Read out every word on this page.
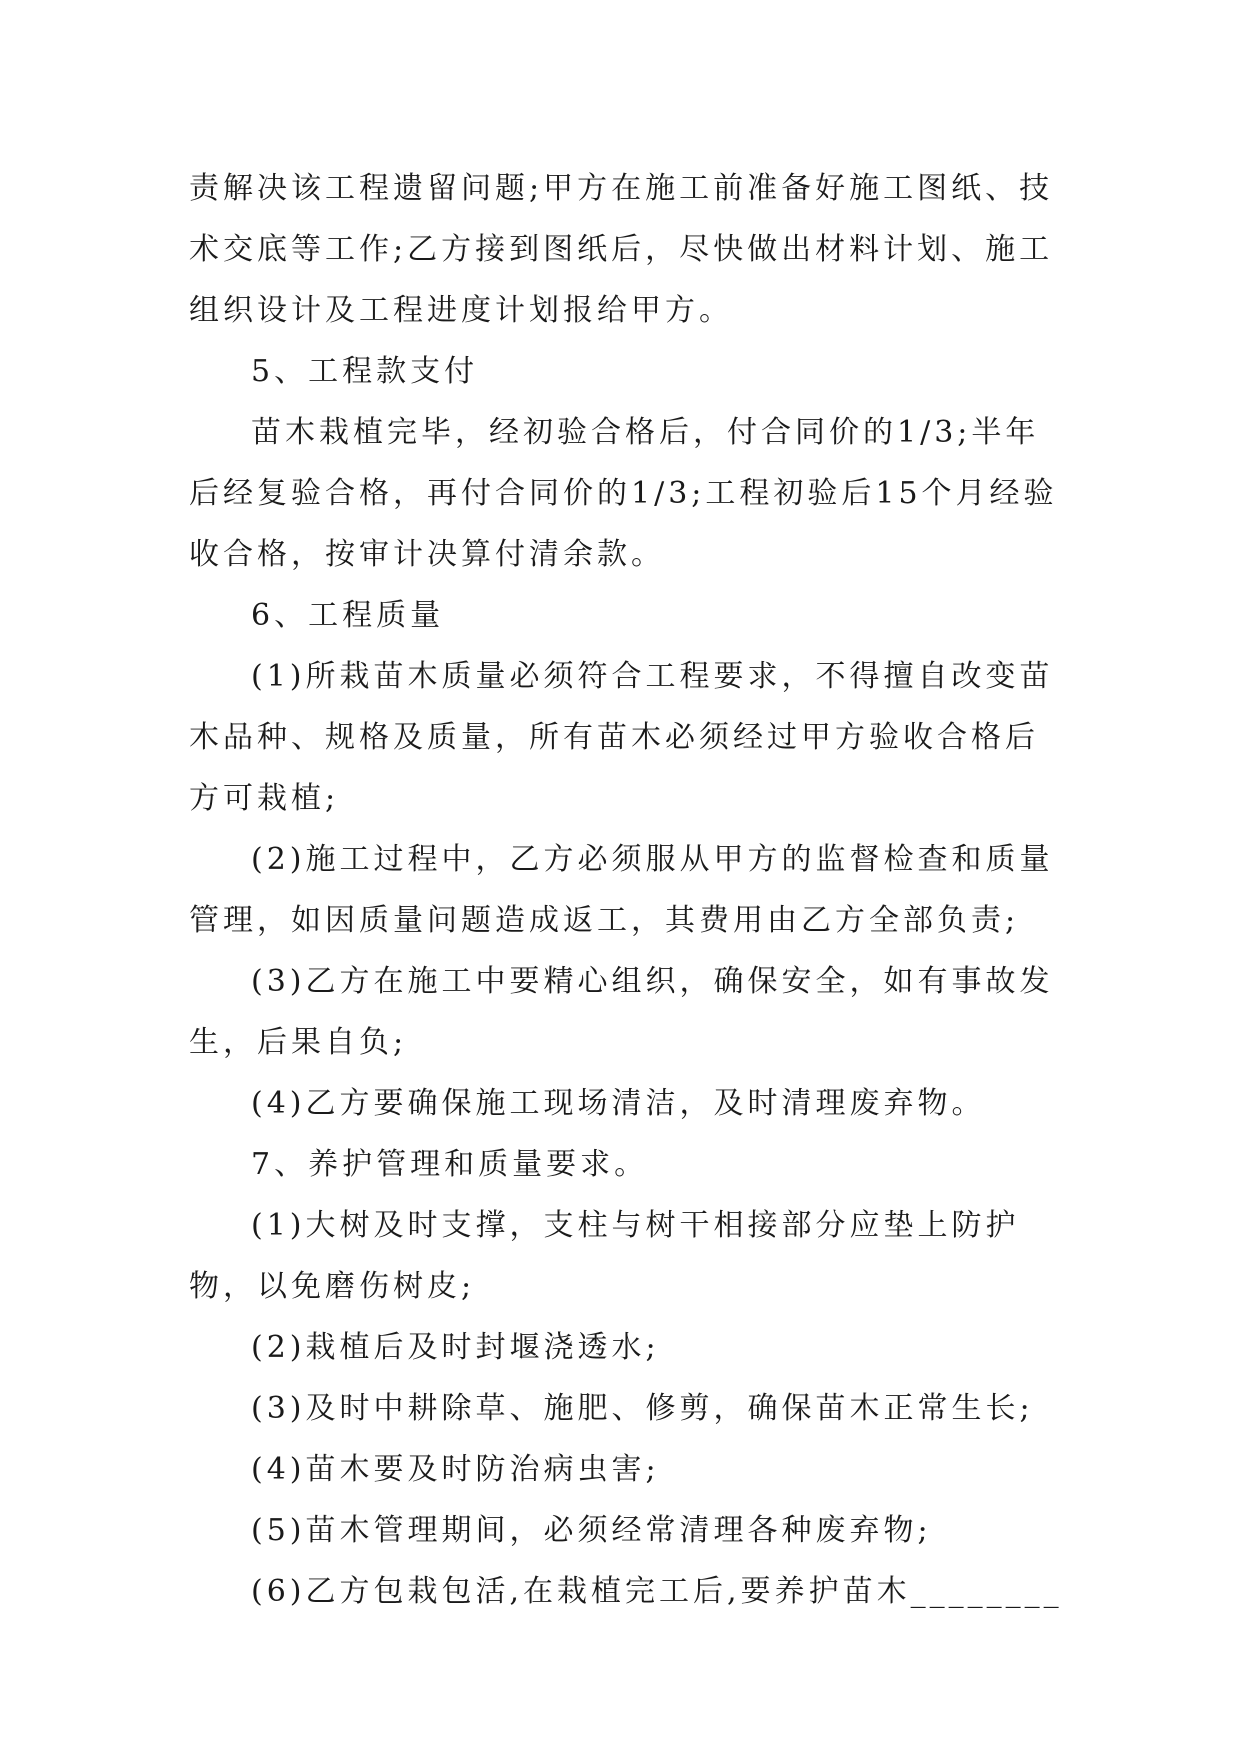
责解决该工程遗留问题;甲方在施工前准备好施工图纸、技术交底等工作;乙方接到图纸后，尽快做出材料计划、施工组织设计及工程进度计划报给甲方。

5、工程款支付

苗木栽植完毕，经初验合格后，付合同价的1/3;半年后经复验合格，再付合同价的1/3;工程初验后15个月经验收合格，按审计决算付清余款。

6、工程质量

(1)所栽苗木质量必须符合工程要求，不得擅自改变苗木品种、规格及质量，所有苗木必须经过甲方验收合格后方可栽植;

(2)施工过程中，乙方必须服从甲方的监督检查和质量管理，如因质量问题造成返工，其费用由乙方全部负责;

(3)乙方在施工中要精心组织，确保安全，如有事故发生，后果自负;

(4)乙方要确保施工现场清洁，及时清理废弃物。

7、养护管理和质量要求。

(1)大树及时支撑，支柱与树干相接部分应垫上防护物，以免磨伤树皮;

(2)栽植后及时封堰浇透水;

(3)及时中耕除草、施肥、修剪，确保苗木正常生长;

(4)苗木要及时防治病虫害;

(5)苗木管理期间，必须经常清理各种废弃物;

(6)乙方包栽包活,在栽植完工后,要养护苗木________
